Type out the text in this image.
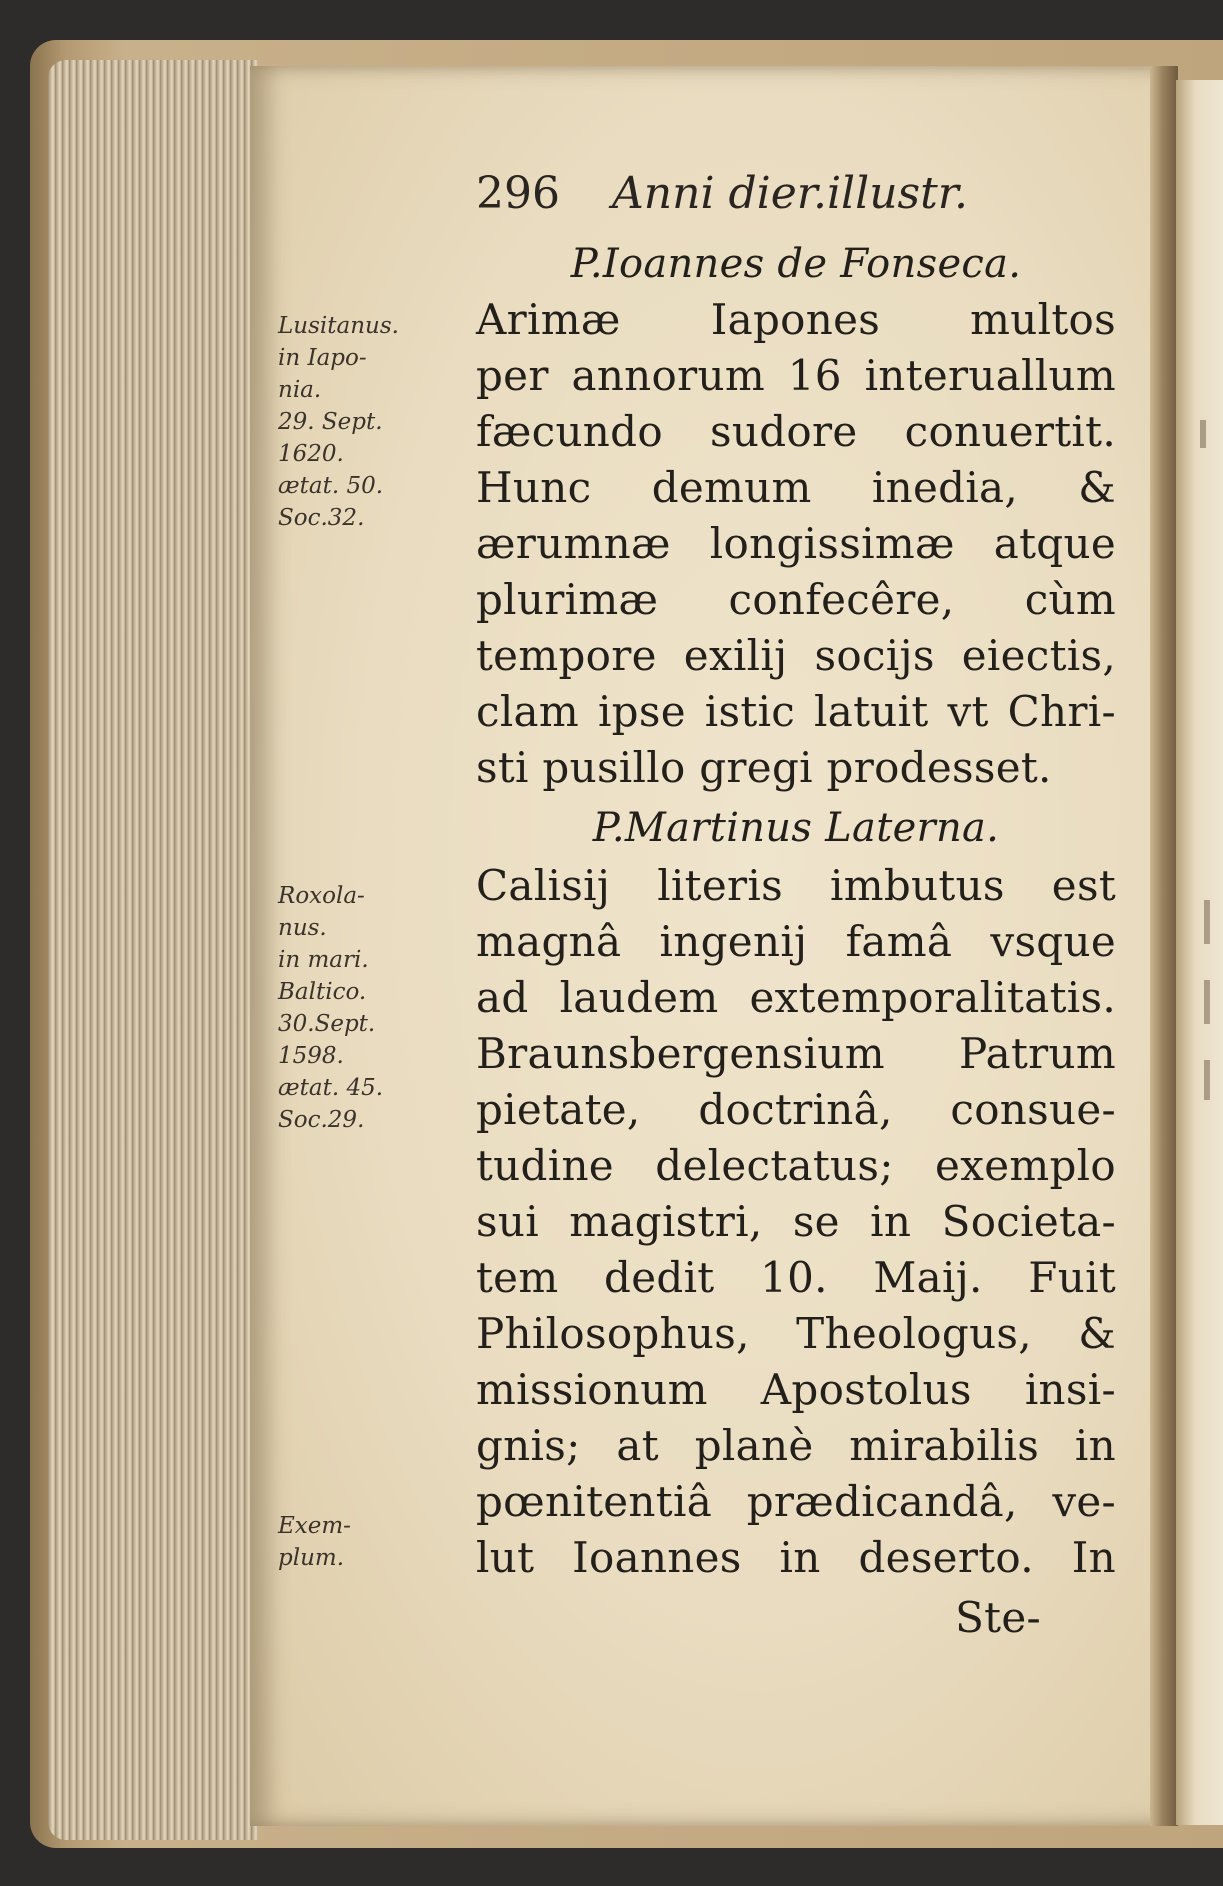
296 Anni dier.illustr.
P.Ioannes de Fonseca.
Lusitanus.
in Iapo-
nia.
29. Sept.
1620.
ætat. 50.
Soc.32.
Arimæ Iapones multos
per annorum 16 interuallum
fæcundo sudore conuertit.
Hunc demum inedia, &
ærumnæ longissimæ atque
plurimæ confecêre, cùm
tempore exilij socijs eiectis,
clam ipse istic latuit vt Chri-
sti pusillo gregi prodesset.
P.Martinus Laterna.
Roxola-
nus.
in mari.
Baltico.
30.Sept.
1598.
ætat. 45.
Soc.29.
Calisij literis imbutus est
magnâ ingenij famâ vsque
ad laudem extemporalitatis.
Braunsbergensium Patrum
pietate, doctrinâ, consue-
tudine delectatus; exemplo
sui magistri, se in Societa-
tem dedit 10. Maij. Fuit
Philosophus, Theologus, &
missionum Apostolus insi-
gnis; at planè mirabilis in
pœnitentiâ prædicandâ, ve-
lut Ioannes in deserto. In
Exem-
plum.
Ste-
